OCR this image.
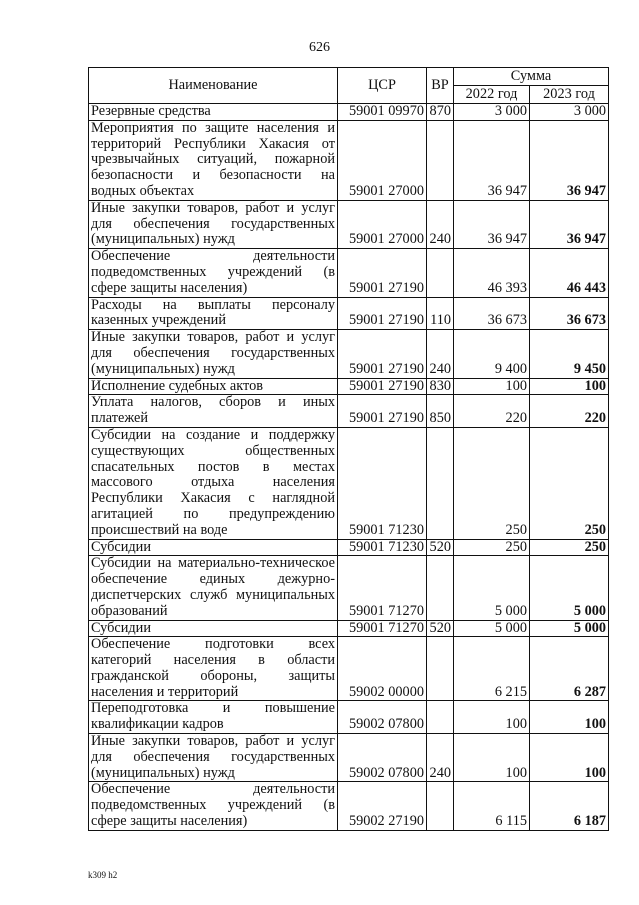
626
Наименование	ЦСР	ВР	Сумма	
			2022 год	2023 год
Резервные средства	59001 09970	870	3 000	3 000
Мероприятия по защите населения и территорий Республики Хакасия от чрезвычайных ситуаций, пожарной безопасности и безопасности на водных объектах	59001 27000		36 947	36 947
Иные закупки товаров, работ и услуг для обеспечения государственных (муниципальных) нужд	59001 27000	240	36 947	36 947
Обеспечение деятельности подведомственных учреждений (в сфере защиты населения)	59001 27190		46 393	46 443
Расходы на выплаты персоналу казенных учреждений	59001 27190	110	36 673	36 673
Иные закупки товаров, работ и услуг для обеспечения государственных (муниципальных) нужд	59001 27190	240	9 400	9 450
Исполнение судебных актов	59001 27190	830	100	100
Уплата налогов, сборов и иных платежей	59001 27190	850	220	220
Субсидии на создание и поддержку существующих общественных спасательных постов в местах массового отдыха населения Республики Хакасия с наглядной агитацией по предупреждению происшествий на воде	59001 71230		250	250
Субсидии	59001 71230	520	250	250
Субсидии на материально-техническое обеспечение единых дежурно-диспетчерских служб муниципальных образований	59001 71270		5 000	5 000
Субсидии	59001 71270	520	5 000	5 000
Обеспечение подготовки всех категорий населения в области гражданской обороны, защиты населения и территорий	59002 00000		6 215	6 287
Переподготовка и повышение квалификации кадров	59002 07800		100	100
Иные закупки товаров, работ и услуг для обеспечения государственных (муниципальных) нужд	59002 07800	240	100	100
Обеспечение деятельности подведомственных учреждений (в сфере защиты населения)	59002 27190		6 115	6 187
k309 h2
